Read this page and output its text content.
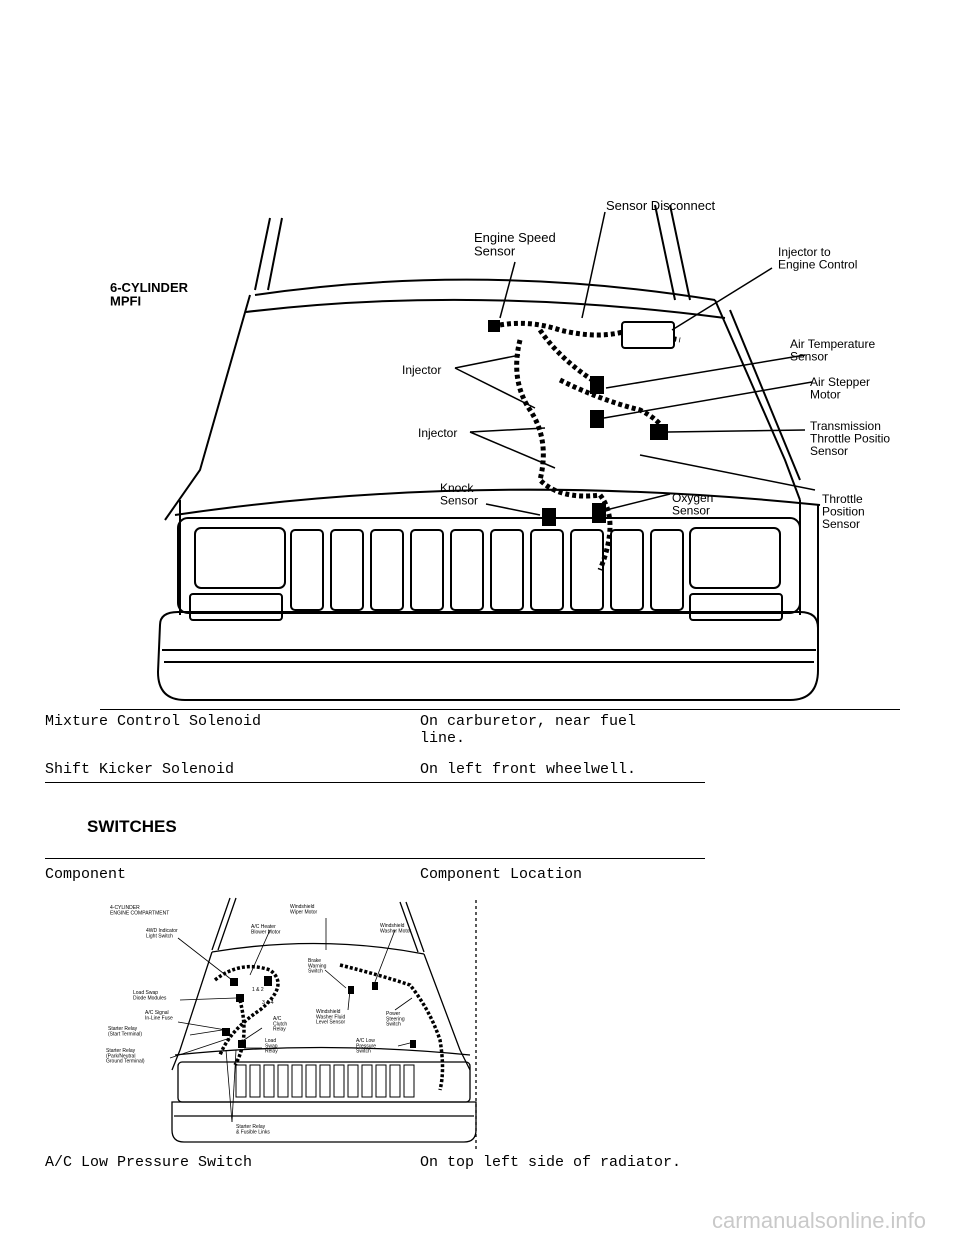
6-CYLINDER MPFI
Sensor Disconnect
Engine Speed Sensor	Injector to Engine Control
Injector
Air Temperature Sensor
Air Stepper Motor
Injector	Transmission Throttle Positio Sensor
Knock Sensor	Oxygen Sensor
Throttle Position Sensor
Mixture Control Solenoid	On carburetor, near fuel
line.
Shift Kicker Solenoid	On left front wheelwell.
SWITCHES
Component	Component Location
4-CYLINDER ENGINE COMPARTMENT
Windshield Wiper Motor
Windshield Washer Motor
A/C Heater Blower Motor
4WD Indicator Light Switch
Brake Warning Switch
Load Swap Diode Modules
1 & 2
3 & 4
A/C Signal In-Line Fuse
Windshield Washer Fluid Level Sensor
Power Steering Switch
Starter Relay (Start Terminal)
A/C Clutch Relay
Load Swap Relay
A/C Low Pressure Switch
Starter Relay (Park/Neutral Ground Terminal)
Starter Relay & Fusible Links
A/C Low Pressure Switch	On top left side of radiator.
carmanualsonline.info
